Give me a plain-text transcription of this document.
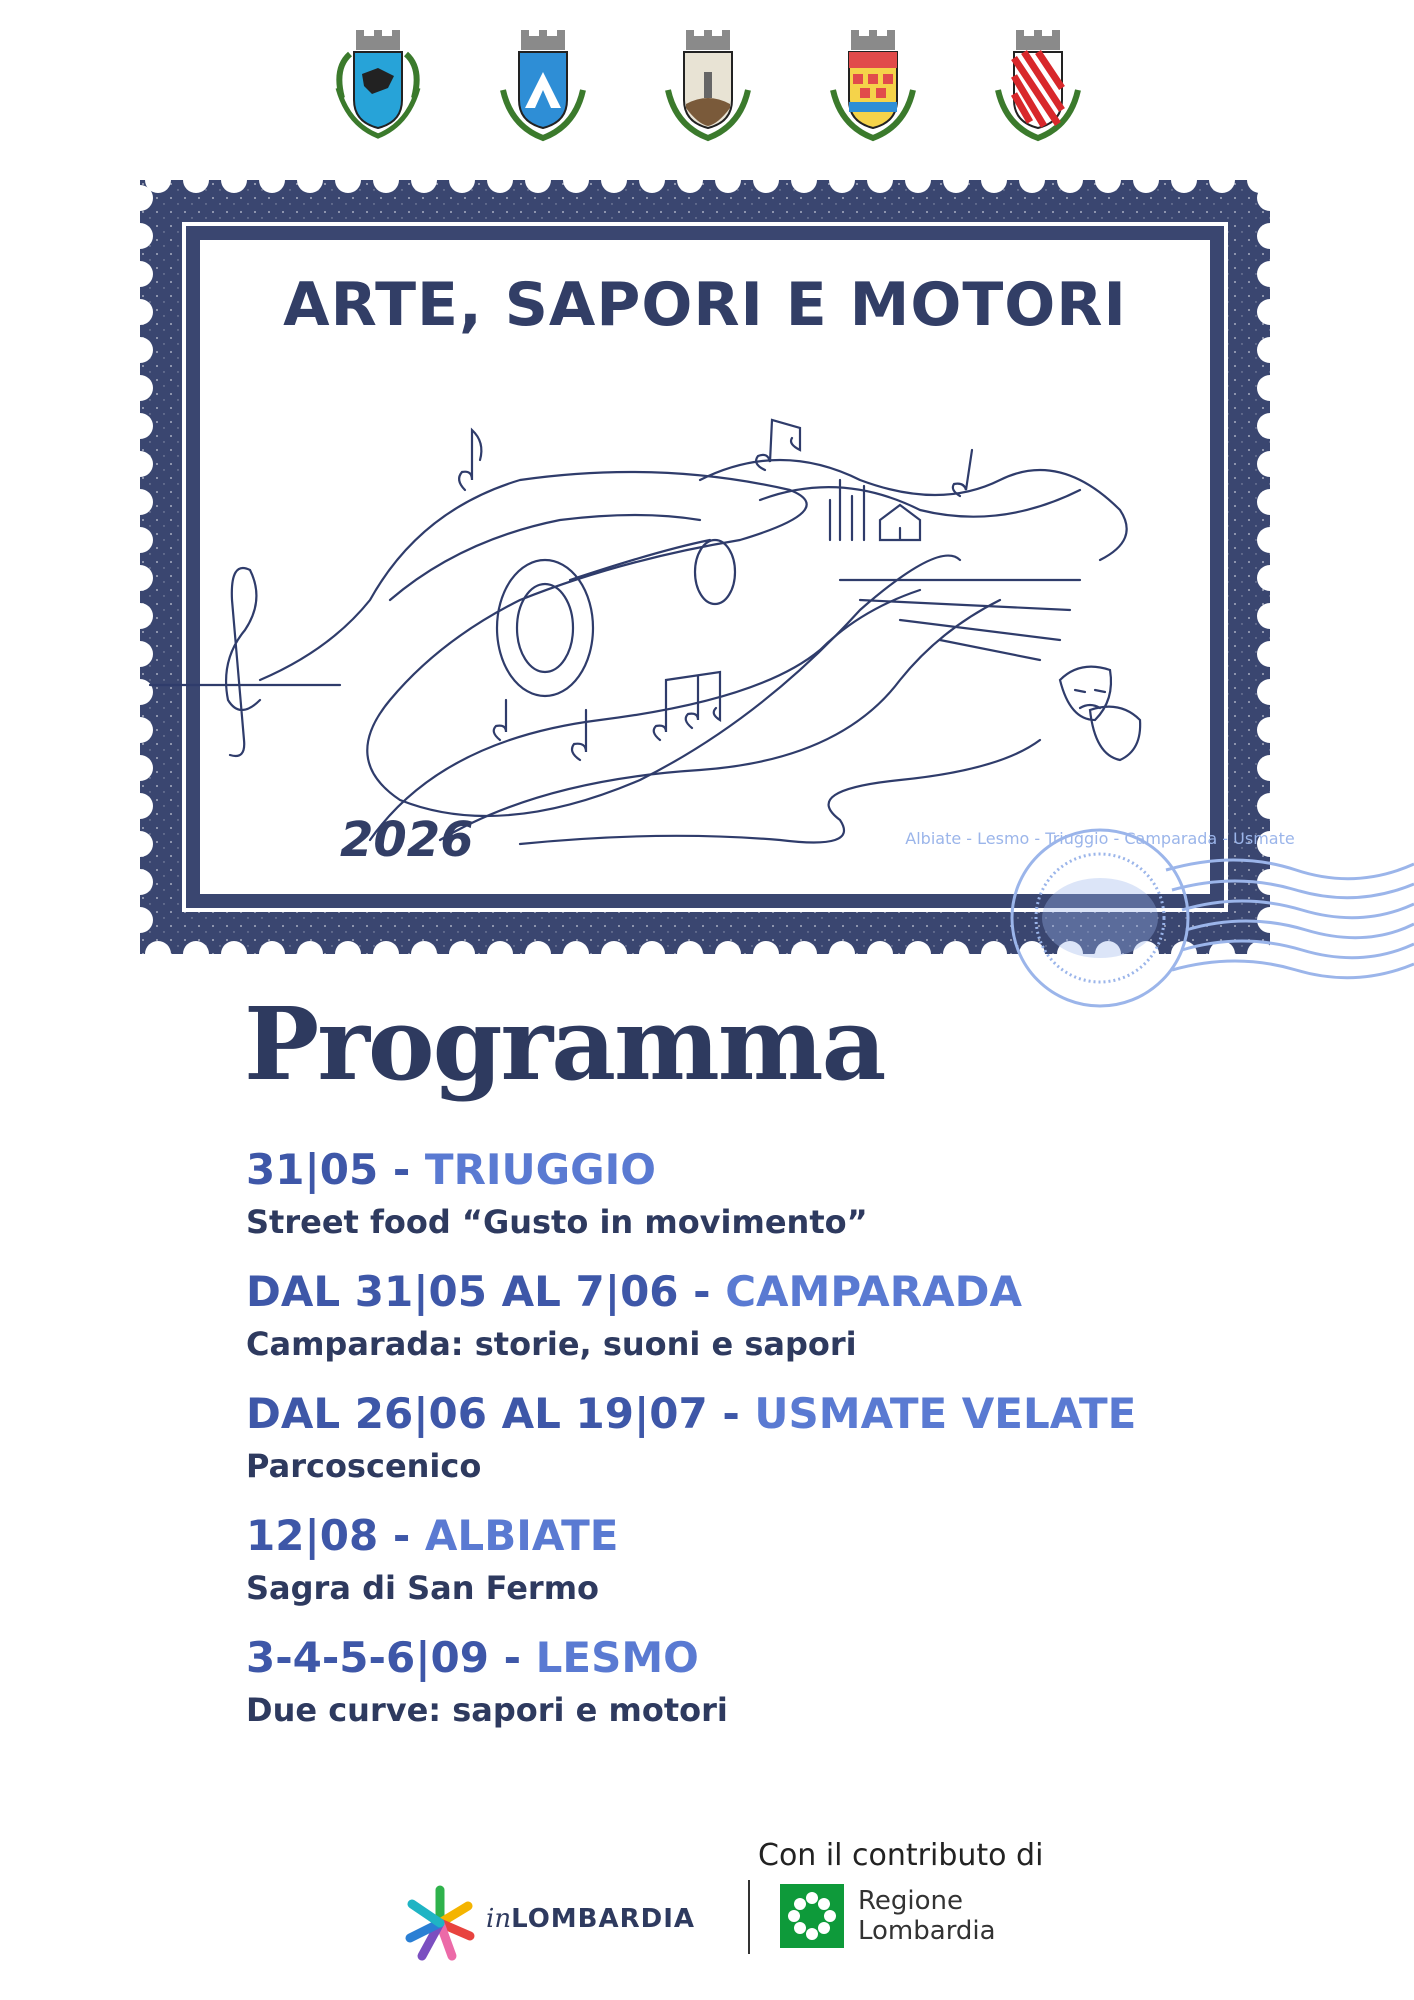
ARTE, SAPORI E MOTORI
2026	Albiate - Lesmo - Triuggio - Camparada - Usmate
Programma
31|05 - TRIUGGIO
Street food “Gusto in movimento”
DAL 31|05 AL 7|06 - CAMPARADA
Camparada: storie, suoni e sapori
DAL 26|06 AL 19|07 - USMATE VELATE
Parcoscenico
12|08 - ALBIATE
Sagra di San Fermo
3-4-5-6|09 - LESMO
Due curve: sapori e motori
Con il contributo di
inLOMBARDIA
Regione
Lombardia
